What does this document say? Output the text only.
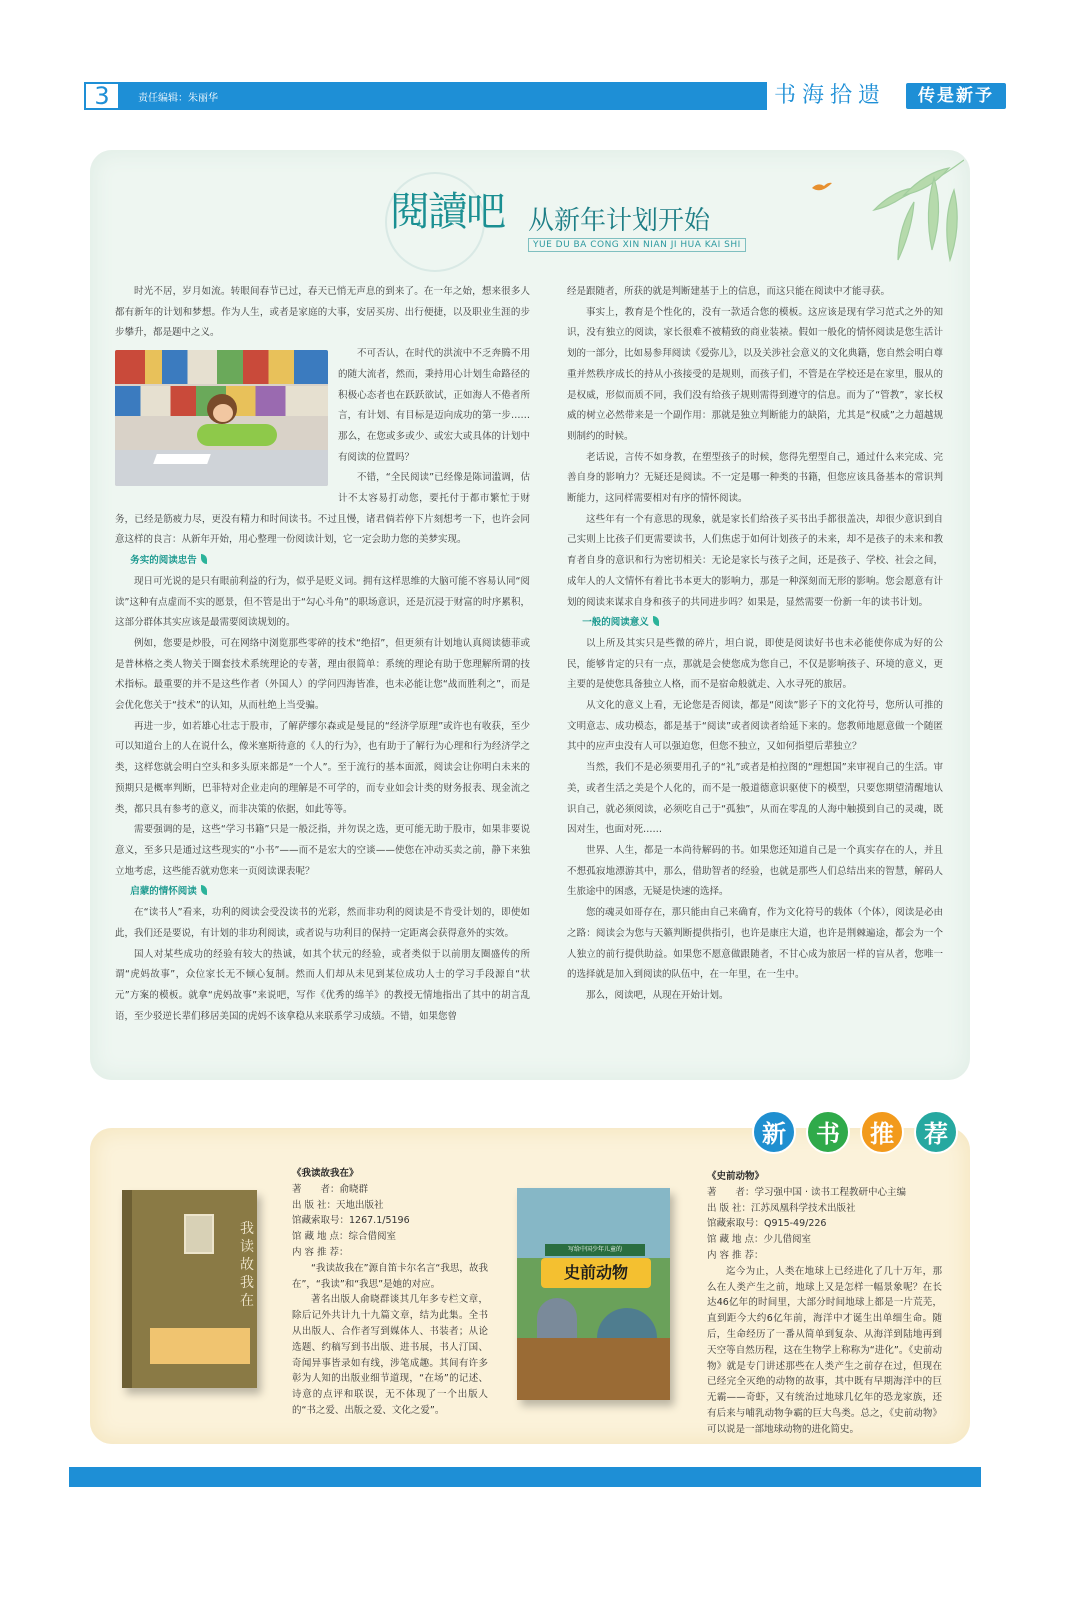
3	责任编辑：朱丽华	书海拾遗	传是新予
閱讀吧 从新年计划开始
YUE DU BA CONG XIN NIAN JI HUA KAI SHI

时光不居，岁月如流。转眼间春节已过，春天已悄无声息的到来了。在一年之始，想来很多人都有新年的计划和梦想。作为人生，或者是家庭的大事，安居买房、出行便捷，以及职业生涯的步步攀升，都是题中之义。

不可否认，在时代的洪流中不乏奔腾不用的随大流者，然而，秉持用心计划生命路径的积极心态者也在跃跃欲试，正如海人不倦者所言，有计划、有目标是迈向成功的第一步……那么，在您或多或少、或宏大或具体的计划中有阅读的位置吗？

不错，“全民阅读”已经像是陈词滥调，估计不太容易打动您，要托付于都市繁忙于财务，已经是筋疲力尽，更没有精力和时间读书。不过且慢，诸君倘若停下片刻想考一下，也许会同意这样的良言：从新年开始，用心整理一份阅读计划，它一定会助力您的美梦实现。

务实的阅读忠告

现日可光说的是只有眼前利益的行为，似乎是贬义词。拥有这样思维的大脑可能不容易认同“阅读”这种有点虚而不实的愿景，但不管是出于“勾心斗角”的职场意识，还是沉浸于财富的时序累积，这部分群体其实应该是最需要阅读规划的。

例如，您要是炒股，可在网络中浏览那些零碎的技术“绝招”，但更须有计划地认真阅读德菲或是普林格之类人物关于圈套技术系统理论的专著，理由很简单：系统的理论有助于您理解所谓的技术指标。最重要的并不是这些作者（外国人）的学问四海皆准，也未必能让您“战而胜利之”，而是会优化您关于“技术”的认知，从而杜绝上当受骗。

再进一步，如若雄心壮志于股市，了解萨缪尔森或是曼昆的“经济学原理”或许也有收获，至少可以知道台上的人在说什么，像米塞斯待意的《人的行为》，也有助于了解行为心理和行为经济学之类，这样您就会明白空头和多头原来都是“一个人”。至于流行的基本面派，阅读会让你明白未来的预期只是概率判断，巴菲特对企业走向的理解是不可学的，而专业如会计类的财务报表、现金流之类，都只具有参考的意义，而非决策的依据，如此等等。

需要强调的是，这些“学习书籍”只是一般泛指，并勿误之选，更可能无助于股市，如果非要说意义，至多只是通过这些现实的“小书”——而不是宏大的空谈——使您在冲动买卖之前，静下来独立地考虑，这些能否就劝您来一页阅读课表呢？

启蒙的情怀阅读

在“读书人”看来，功利的阅读会受没读书的光彩，然而非功利的阅读是不肯受计划的，即使如此，我们还是要说，有计划的非功利阅读，或者说与功利目的保持一定距离会获得意外的实效。

国人对某些成功的经验有较大的热诚，如其个状元的经验，或者类似于以前朋友圈盛传的所谓“虎妈故事”，众位家长无不倾心复制。然而人们却从未见到某位成功人士的学习手段源自“状元”方案的模板。就拿“虎妈故事”来说吧，写作《优秀的绵羊》的教授无情地指出了其中的胡言乱语，至少驳逆长辈们移居美国的虎妈不该拿稳从来联系学习成绩。不错，如果您曾

经是跟随者，所获的就是判断建基于上的信息，而这只能在阅读中才能寻获。

事实上，教育是个性化的，没有一款适合您的模板。这应该是现有学习范式之外的知识，没有独立的阅读，家长很难不被精致的商业装裱。假如一般化的情怀阅读是您生活计划的一部分，比如易参拜阅读《爱弥儿》，以及关涉社会意义的文化典籍，您自然会明白尊重并然秩序成长的持从小孩接受的是规则，而孩子们，不管是在学校还是在家里，服从的是权威，形似而质不同，我们没有给孩子规则需得到遵守的信息。而为了“管教”，家长权威的树立必然带来是一个副作用：那就是独立判断能力的缺陷，尤其是“权威”之力超越规则制约的时候。

老话说，言传不如身教，在塑型孩子的时候，您得先塑型自己，通过什么来完成、完善自身的影响力？无疑还是阅读。不一定是哪一种类的书籍，但您应该具备基本的常识判断能力，这同样需要相对有序的情怀阅读。

这些年有一个有意思的现象，就是家长们给孩子买书出手都很盖决，却很少意识到自己实则上比孩子们更需要读书，人们焦虑于如何计划孩子的未来，却不是孩子的未来和教育者自身的意识和行为密切相关：无论是家长与孩子之间，还是孩子、学校、社会之间，成年人的人文情怀有着比书本更大的影响力，那是一种深刻而无形的影响。您会愿意有计划的阅读来谋求自身和孩子的共同进步吗？如果是，显然需要一份新一年的读书计划。

一般的阅读意义

以上所及其实只是些微的碎片，坦白说，即使是阅读好书也未必能使你成为好的公民，能够肯定的只有一点，那就是会使您成为您自己，不仅是影响孩子、环境的意义，更主要的是使您具备独立人格，而不是宿命般就走、入水寻死的旅居。

从文化的意义上看，无论您是否阅读，都是“阅读”影子下的文化符号，您所认可推的文明意志、成功模态，都是基于“阅读”或者阅读者给延下来的。您教师地愿意做一个随匿其中的应声虫没有人可以强迫您，但您不独立，又如何指望后辈独立？

当然，我们不是必须要用孔子的“礼”或者是柏拉图的“理想国”来审视自己的生活。审美，或者生活之美是个人化的，而不是一般道德意识驱使下的模型，只要您期望清醒地认识自己，就必须阅读，必须吃自己于“孤独”，从而在零乱的人海中触摸到自己的灵魂，既因对生，也面对死……

世界、人生，都是一本尚待解码的书。如果您还知道自己是一个真实存在的人，并且不想孤寂地漂游其中，那么，借助智者的经验，也就是那些人们总结出来的智慧，解码人生旅途中的困惑，无疑是快速的选择。

您的魂灵如哥存在，那只能由自己来确育，作为文化符号的载体（个体），阅读是必由之路：阅读会为您与天籁判断提供指引，也许是康庄大道，也许是荆棘遍途，都会为一个人独立的前行提供助益。如果您不愿意做跟随者，不甘心成为旅居一样的盲从者，您唯一的选择就是加入到阅读的队伍中，在一年里，在一生中。

那么，阅读吧，从现在开始计划。

新	书	推	荐
我读故我在
《我读故我在》
著　　者：俞晓群
出 版 社：天地出版社
馆藏索取号：1267.1/5196
馆 藏 地 点：综合借阅室
内 容 推 荐：
“我读故我在”源自笛卡尔名言“我思，故我在”，“我读”和“我思”是她的对应。
著名出版人俞晓群谈其几年多专栏文章，除后记外共计九十九篇文章，结为此集。全书从出版人、合作者写到媒体人、书装者；从论选题、约稿写到书出版、进书展，书人汀国、奇闻异事皆录如有线，涉笔成趣。其间有许多彰为人知的出版业细节道现，“在场”的记述、诗意的点评和联误，无不体现了一个出版人的“书之爱、出版之爱、文化之爱”。
写给中国少年儿童的
史前动物
《史前动物》
著　　者：学习强中国 · 读书工程教研中心主编
出 版 社：江苏凤凰科学技术出版社
馆藏索取号：Q915-49/226
馆 藏 地 点：少儿借阅室
内 容 推 荐：
迄今为止，人类在地球上已经进化了几十万年，那么在人类产生之前，地球上又是怎样一幅景象呢？在长达46亿年的时间里，大部分时间地球上都是一片荒芜，直到距今大约6亿年前，海洋中才诞生出单细生命。随后，生命经历了一番从简单到复杂、从海洋到陆地再到天空等自然历程，这在生物学上称称为“进化”。《史前动物》就是专门讲述那些在人类产生之前存在过，但现在已经完全灭绝的动物的故事，其中既有早期海洋中的巨无霸——奇虾，又有统治过地球几亿年的恐龙家族，还有后来与哺乳动物争霸的巨大鸟类。总之，《史前动物》可以说是一部地球动物的进化简史。
